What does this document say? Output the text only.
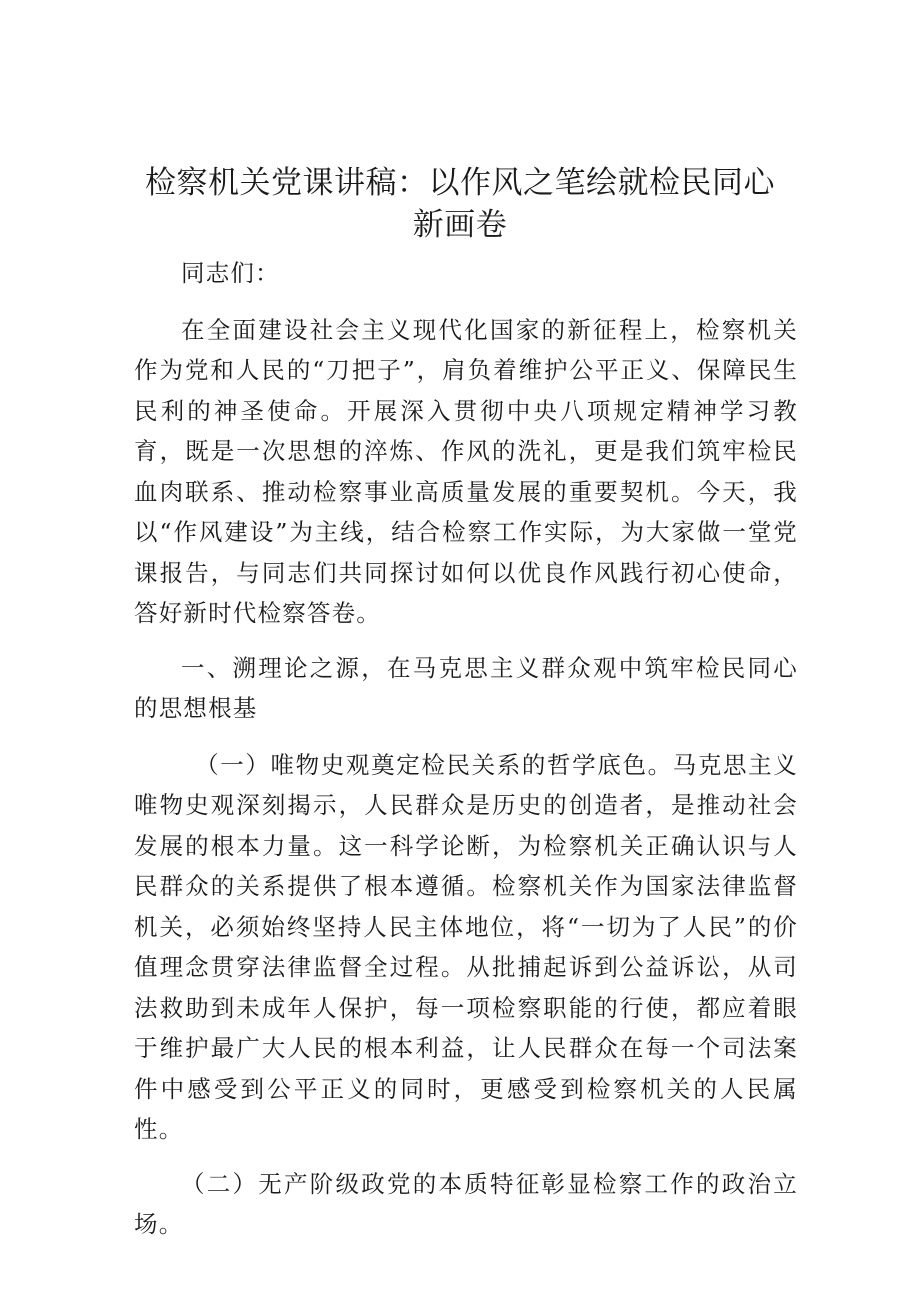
检察机关党课讲稿：以作风之笔绘就检民同心
新画卷

同志们：

在全面建设社会主义现代化国家的新征程上，检察机关作为党和人民的“刀把子”，肩负着维护公平正义、保障民生民利的神圣使命。开展深入贯彻中央八项规定精神学习教育，既是一次思想的淬炼、作风的洗礼，更是我们筑牢检民血肉联系、推动检察事业高质量发展的重要契机。今天，我以“作风建设”为主线，结合检察工作实际，为大家做一堂党课报告，与同志们共同探讨如何以优良作风践行初心使命，答好新时代检察答卷。

一、溯理论之源，在马克思主义群众观中筑牢检民同心的思想根基

（一）唯物史观奠定检民关系的哲学底色。马克思主义唯物史观深刻揭示，人民群众是历史的创造者，是推动社会发展的根本力量。这一科学论断，为检察机关正确认识与人民群众的关系提供了根本遵循。检察机关作为国家法律监督机关，必须始终坚持人民主体地位，将“一切为了人民”的价值理念贯穿法律监督全过程。从批捕起诉到公益诉讼，从司法救助到未成年人保护，每一项检察职能的行使，都应着眼于维护最广大人民的根本利益，让人民群众在每一个司法案件中感受到公平正义的同时，更感受到检察机关的人民属性。

（二）无产阶级政党的本质特征彰显检察工作的政治立场。
